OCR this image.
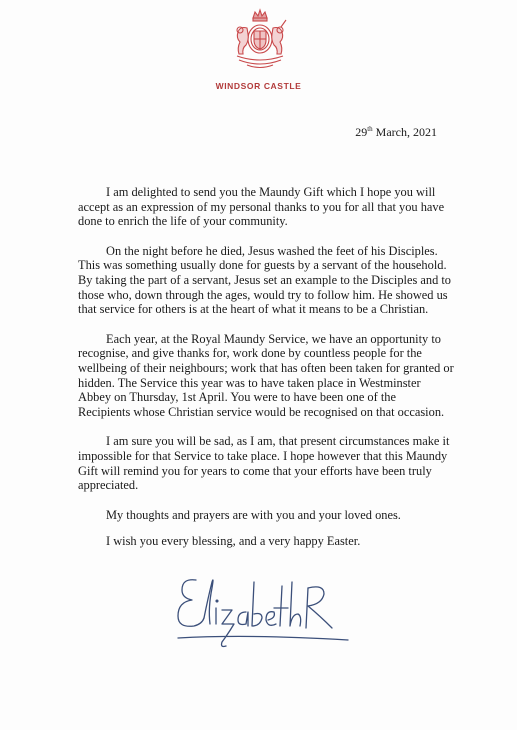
WINDSOR CASTLE
29th March, 2021

I am delighted to send you the Maundy Gift which I hope you will
accept as an expression of my personal thanks to you for all that you have
done to enrich the life of your community.

On the night before he died, Jesus washed the feet of his Disciples.
This was something usually done for guests by a servant of the household.
By taking the part of a servant, Jesus set an example to the Disciples and to
those who, down through the ages, would try to follow him. He showed us
that service for others is at the heart of what it means to be a Christian.

Each year, at the Royal Maundy Service, we have an opportunity to
recognise, and give thanks for, work done by countless people for the
wellbeing of their neighbours; work that has often been taken for granted or
hidden. The Service this year was to have taken place in Westminster
Abbey on Thursday, 1st April. You were to have been one of the
Recipients whose Christian service would be recognised on that occasion.

I am sure you will be sad, as I am, that present circumstances make it
impossible for that Service to take place. I hope however that this Maundy
Gift will remind you for years to come that your efforts have been truly
appreciated.

My thoughts and prayers are with you and your loved ones.

I wish you every blessing, and a very happy Easter.
